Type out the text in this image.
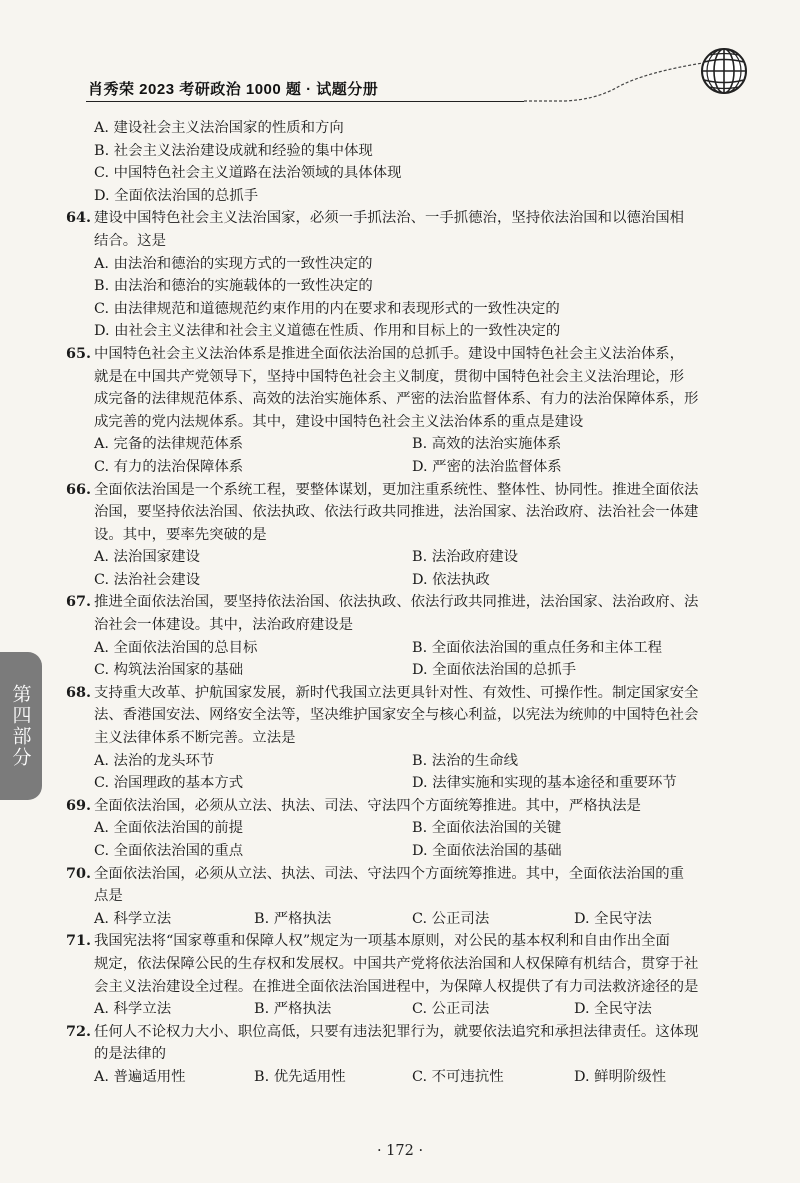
肖秀荣 2023 考研政治 1000 题 · 试题分册
第四部分
A. 建设社会主义法治国家的性质和方向
B. 社会主义法治建设成就和经验的集中体现
C. 中国特色社会主义道路在法治领域的具体体现
D. 全面依法治国的总抓手
64. 建设中国特色社会主义法治国家，必须一手抓法治、一手抓德治，坚持依法治国和以德治国相
结合。这是
A. 由法治和德治的实现方式的一致性决定的
B. 由法治和德治的实施载体的一致性决定的
C. 由法律规范和道德规范约束作用的内在要求和表现形式的一致性决定的
D. 由社会主义法律和社会主义道德在性质、作用和目标上的一致性决定的
65. 中国特色社会主义法治体系是推进全面依法治国的总抓手。建设中国特色社会主义法治体系，
就是在中国共产党领导下，坚持中国特色社会主义制度，贯彻中国特色社会主义法治理论，形
成完备的法律规范体系、高效的法治实施体系、严密的法治监督体系、有力的法治保障体系，形
成完善的党内法规体系。其中，建设中国特色社会主义法治体系的重点是建设
A. 完备的法律规范体系	B. 高效的法治实施体系
C. 有力的法治保障体系	D. 严密的法治监督体系
66. 全面依法治国是一个系统工程，要整体谋划，更加注重系统性、整体性、协同性。推进全面依法
治国，要坚持依法治国、依法执政、依法行政共同推进，法治国家、法治政府、法治社会一体建
设。其中，要率先突破的是
A. 法治国家建设	B. 法治政府建设
C. 法治社会建设	D. 依法执政
67. 推进全面依法治国，要坚持依法治国、依法执政、依法行政共同推进，法治国家、法治政府、法
治社会一体建设。其中，法治政府建设是
A. 全面依法治国的总目标	B. 全面依法治国的重点任务和主体工程
C. 构筑法治国家的基础	D. 全面依法治国的总抓手
68. 支持重大改革、护航国家发展，新时代我国立法更具针对性、有效性、可操作性。制定国家安全
法、香港国安法、网络安全法等，坚决维护国家安全与核心利益，以宪法为统帅的中国特色社会
主义法律体系不断完善。立法是
A. 法治的龙头环节	B. 法治的生命线
C. 治国理政的基本方式	D. 法律实施和实现的基本途径和重要环节
69. 全面依法治国，必须从立法、执法、司法、守法四个方面统筹推进。其中，严格执法是
A. 全面依法治国的前提	B. 全面依法治国的关键
C. 全面依法治国的重点	D. 全面依法治国的基础
70. 全面依法治国，必须从立法、执法、司法、守法四个方面统筹推进。其中，全面依法治国的重
点是
A. 科学立法	B. 严格执法	C. 公正司法	D. 全民守法
71. 我国宪法将“国家尊重和保障人权”规定为一项基本原则，对公民的基本权利和自由作出全面
规定，依法保障公民的生存权和发展权。中国共产党将依法治国和人权保障有机结合，贯穿于社
会主义法治建设全过程。在推进全面依法治国进程中，为保障人权提供了有力司法救济途径的是
A. 科学立法	B. 严格执法	C. 公正司法	D. 全民守法
72. 任何人不论权力大小、职位高低，只要有违法犯罪行为，就要依法追究和承担法律责任。这体现
的是法律的
A. 普遍适用性	B. 优先适用性	C. 不可违抗性	D. 鲜明阶级性
· 172 ·
